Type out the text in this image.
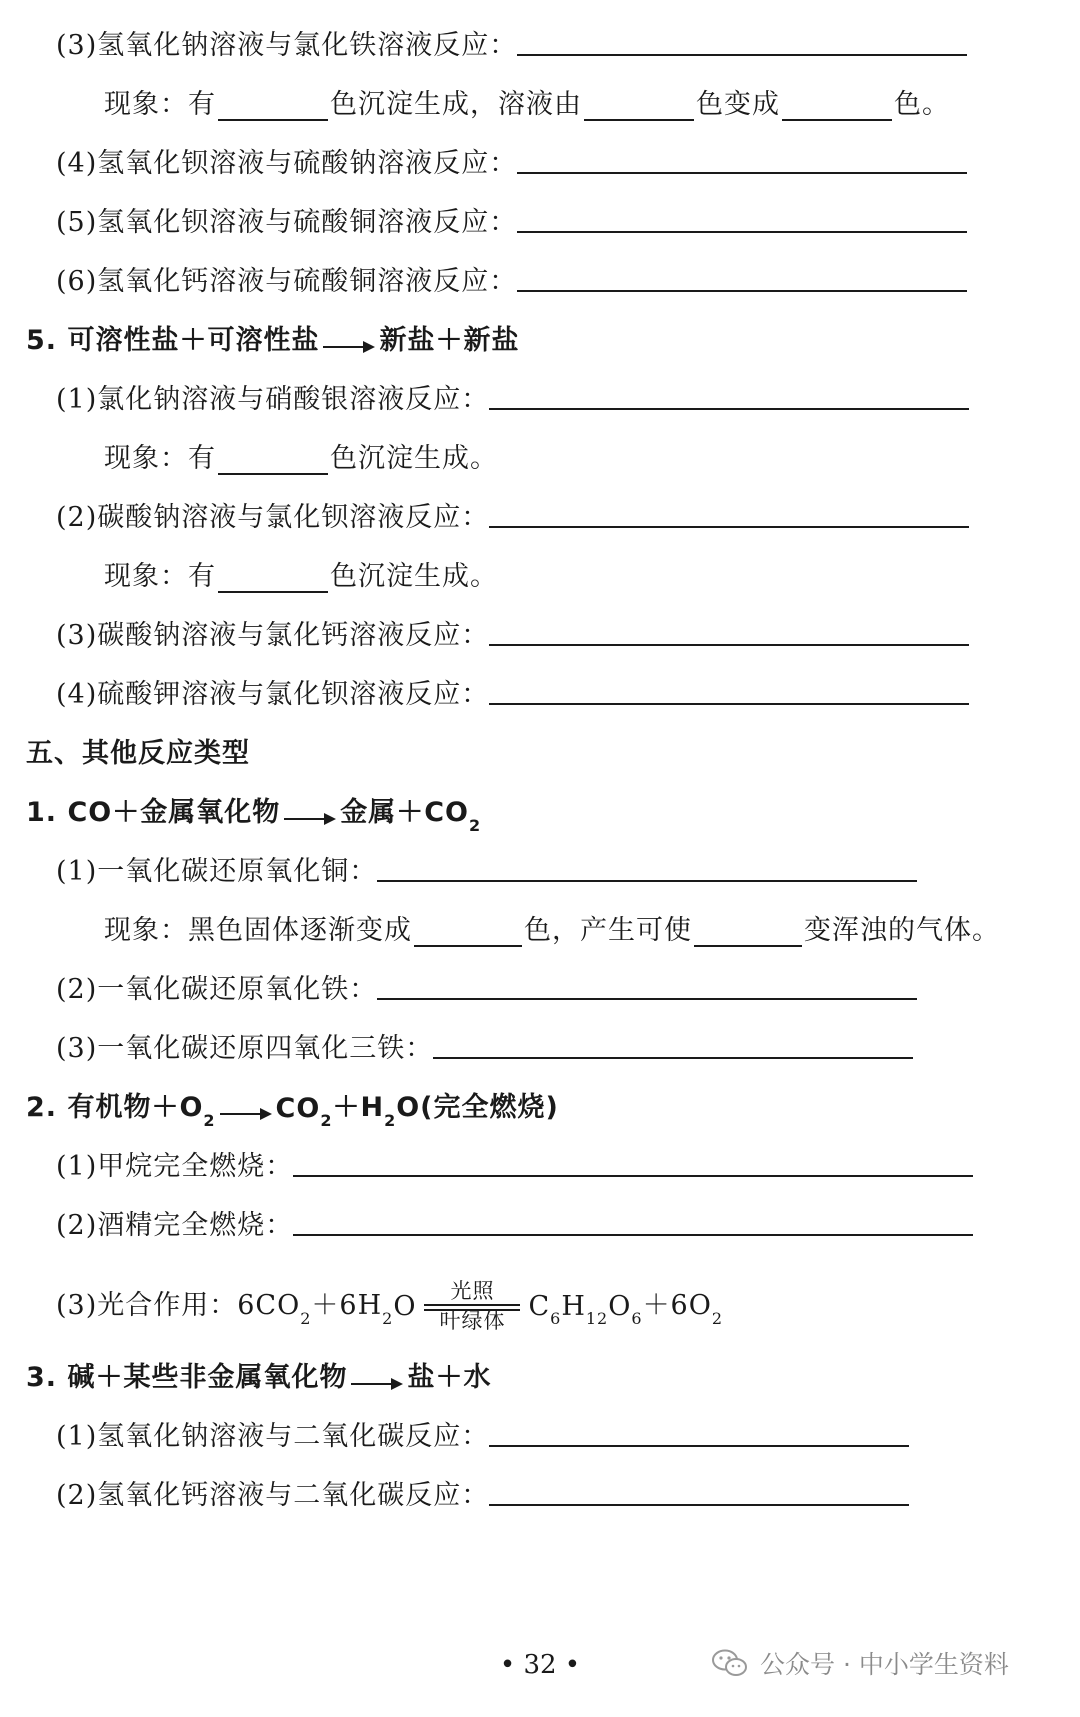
(3)氢氧化钠溶液与氯化铁溶液反应：
现象：有	色沉淀生成，溶液由	色变成	色。
(4)氢氧化钡溶液与硫酸钠溶液反应：
(5)氢氧化钡溶液与硫酸铜溶液反应：
(6)氢氧化钙溶液与硫酸铜溶液反应：
5. 可溶性盐＋可溶性盐 新盐＋新盐
(1)氯化钠溶液与硝酸银溶液反应：
现象：有	色沉淀生成。
(2)碳酸钠溶液与氯化钡溶液反应：
现象：有	色沉淀生成。
(3)碳酸钠溶液与氯化钙溶液反应：
(4)硫酸钾溶液与氯化钡溶液反应：
五、其他反应类型
1. CO＋金属氧化物 金属＋CO 2
(1)一氧化碳还原氧化铜：
现象：黑色固体逐渐变成	色，产生可使	变浑浊的气体。
(2)一氧化碳还原氧化铁：
(3)一氧化碳还原四氧化三铁：
2. 有机物＋O 2 CO 2 ＋H 2 O(完全燃烧)
(1)甲烷完全燃烧：
(2)酒精完全燃烧：
(3)光合作用：6CO 2 ＋6H 2 O 光照
叶绿体 C 6 H 12 O 6 ＋6O 2
3. 碱＋某些非金属氧化物 盐＋水
(1)氢氧化钠溶液与二氧化碳反应：
(2)氢氧化钙溶液与二氧化碳反应：
• 32 •	公众号 · 中小学生资料
